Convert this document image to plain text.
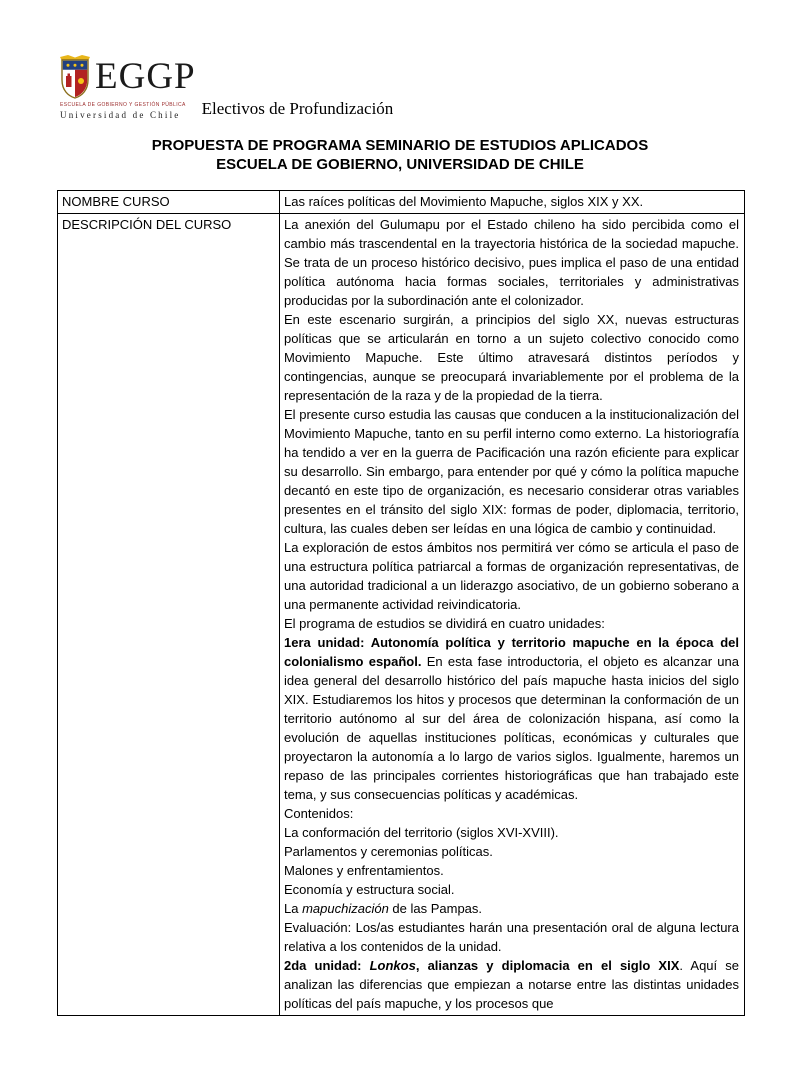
EGGP
ESCUELA DE GOBIERNO Y GESTIÓN PÚBLICA
Universidad de Chile	Electivos de Profundización
PROPUESTA DE PROGRAMA SEMINARIO DE ESTUDIOS APLICADOS
ESCUELA DE GOBIERNO, UNIVERSIDAD DE CHILE
NOMBRE CURSO	Las raíces políticas del Movimiento Mapuche, siglos XIX y XX.

DESCRIPCIÓN DEL CURSO	La anexión del Gulumapu por el Estado chileno ha sido percibida como el cambio más trascendental en la trayectoria histórica de la sociedad mapuche. Se trata de un proceso histórico decisivo, pues implica el paso de una entidad política autónoma hacia formas sociales, territoriales y administrativas producidas por la subordinación ante el colonizador.
En este escenario surgirán, a principios del siglo XX, nuevas estructuras políticas que se articularán en torno a un sujeto colectivo conocido como Movimiento Mapuche. Este último atravesará distintos períodos y contingencias, aunque se preocupará invariablemente por el problema de la representación de la raza y de la propiedad de la tierra.
El presente curso estudia las causas que conducen a la institucionalización del Movimiento Mapuche, tanto en su perfil interno como externo. La historiografía ha tendido a ver en la guerra de Pacificación una razón eficiente para explicar su desarrollo. Sin embargo, para entender por qué y cómo la política mapuche decantó en este tipo de organización, es necesario considerar otras variables presentes en el tránsito del siglo XIX: formas de poder, diplomacia, territorio, cultura, las cuales deben ser leídas en una lógica de cambio y continuidad.
La exploración de estos ámbitos nos permitirá ver cómo se articula el paso de una estructura política patriarcal a formas de organización representativas, de una autoridad tradicional a un liderazgo asociativo, de un gobierno soberano a una permanente actividad reivindicatoria.
El programa de estudios se dividirá en cuatro unidades:
1era unidad: Autonomía política y territorio mapuche en la época del colonialismo español. En esta fase introductoria, el objeto es alcanzar una idea general del desarrollo histórico del país mapuche hasta inicios del siglo XIX. Estudiaremos los hitos y procesos que determinan la conformación de un territorio autónomo al sur del área de colonización hispana, así como la evolución de aquellas instituciones políticas, económicas y culturales que proyectaron la autonomía a lo largo de varios siglos. Igualmente, haremos un repaso de las principales corrientes historiográficas que han trabajado este tema, y sus consecuencias políticas y académicas.
Contenidos:
La conformación del territorio (siglos XVI-XVIII).
Parlamentos y ceremonias políticas.
Malones y enfrentamientos.
Economía y estructura social.
La mapuchización de las Pampas.
Evaluación: Los/as estudiantes harán una presentación oral de alguna lectura relativa a los contenidos de la unidad.
2da unidad: Lonkos, alianzas y diplomacia en el siglo XIX. Aquí se analizan las diferencias que empiezan a notarse entre las distintas unidades políticas del país mapuche, y los procesos que
